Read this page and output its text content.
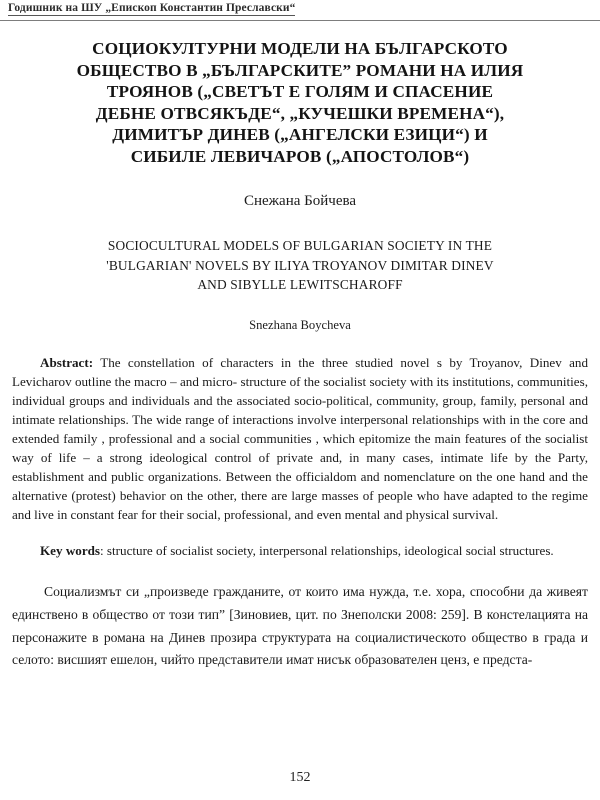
Годишник на ШУ „Епископ Константин Преславски“
СОЦИОКУЛТУРНИ МОДЕЛИ НА БЪЛГАРСКОТО
ОБЩЕСТВО В „БЪЛГАРСКИТЕ” РОМАНИ НА ИЛИЯ
ТРОЯНОВ („СВЕТЪТ Е ГОЛЯМ И СПАСЕНИЕ
ДЕБНЕ ОТВСЯКЪДЕ“, „КУЧЕШКИ ВРЕМЕНА“),
ДИМИТЪР ДИНЕВ („АНГЕЛСКИ ЕЗИЦИ“) И
СИБИЛЕ ЛЕВИЧАРОВ („АПОСТОЛОВ“)
Снежана Бойчева
SOCIOCULTURAL MODELS OF BULGARIAN SOCIETY IN THE
'BULGARIAN' NOVELS BY ILIYA TROYANOV DIMITAR DINEV
AND SIBYLLE LEWITSCHAROFF
Snezhana Boycheva

Abstract: The constellation of characters in the three studied novel s by Troyanov, Dinev and Levicharov outline the macro – and micro- structure of the socialist society with its institutions, communities, individual groups and individuals and the associated socio-political, community, group, family, personal and intimate relationships. The wide range of interactions involve interpersonal relationships with in the core and extended family , professional and a social communities , which epitomize the main features of the socialist way of life – a strong ideological control of private and, in many cases, intimate life by the Party, establishment and public organizations. Between the officialdom and nomenclature on the one hand and the alternative (protest) behavior on the other, there are large masses of people who have adapted to the regime and live in constant fear for their social, professional, and even mental and physical survival.

Key words: structure of socialist society, interpersonal relationships, ideological social structures.

Социализмът си „произведе гражданите, от които има нужда, т.е. хора, способни да живеят единствено в общество от този тип” [Зиновиев, цит. по Знеполски 2008: 259]. В констелацията на персонажите в романа на Динев прозира структурата на социалистическото общество в града и селото: висшият ешелон, чийто представители имат нисък образователен ценз, е предста-

152
